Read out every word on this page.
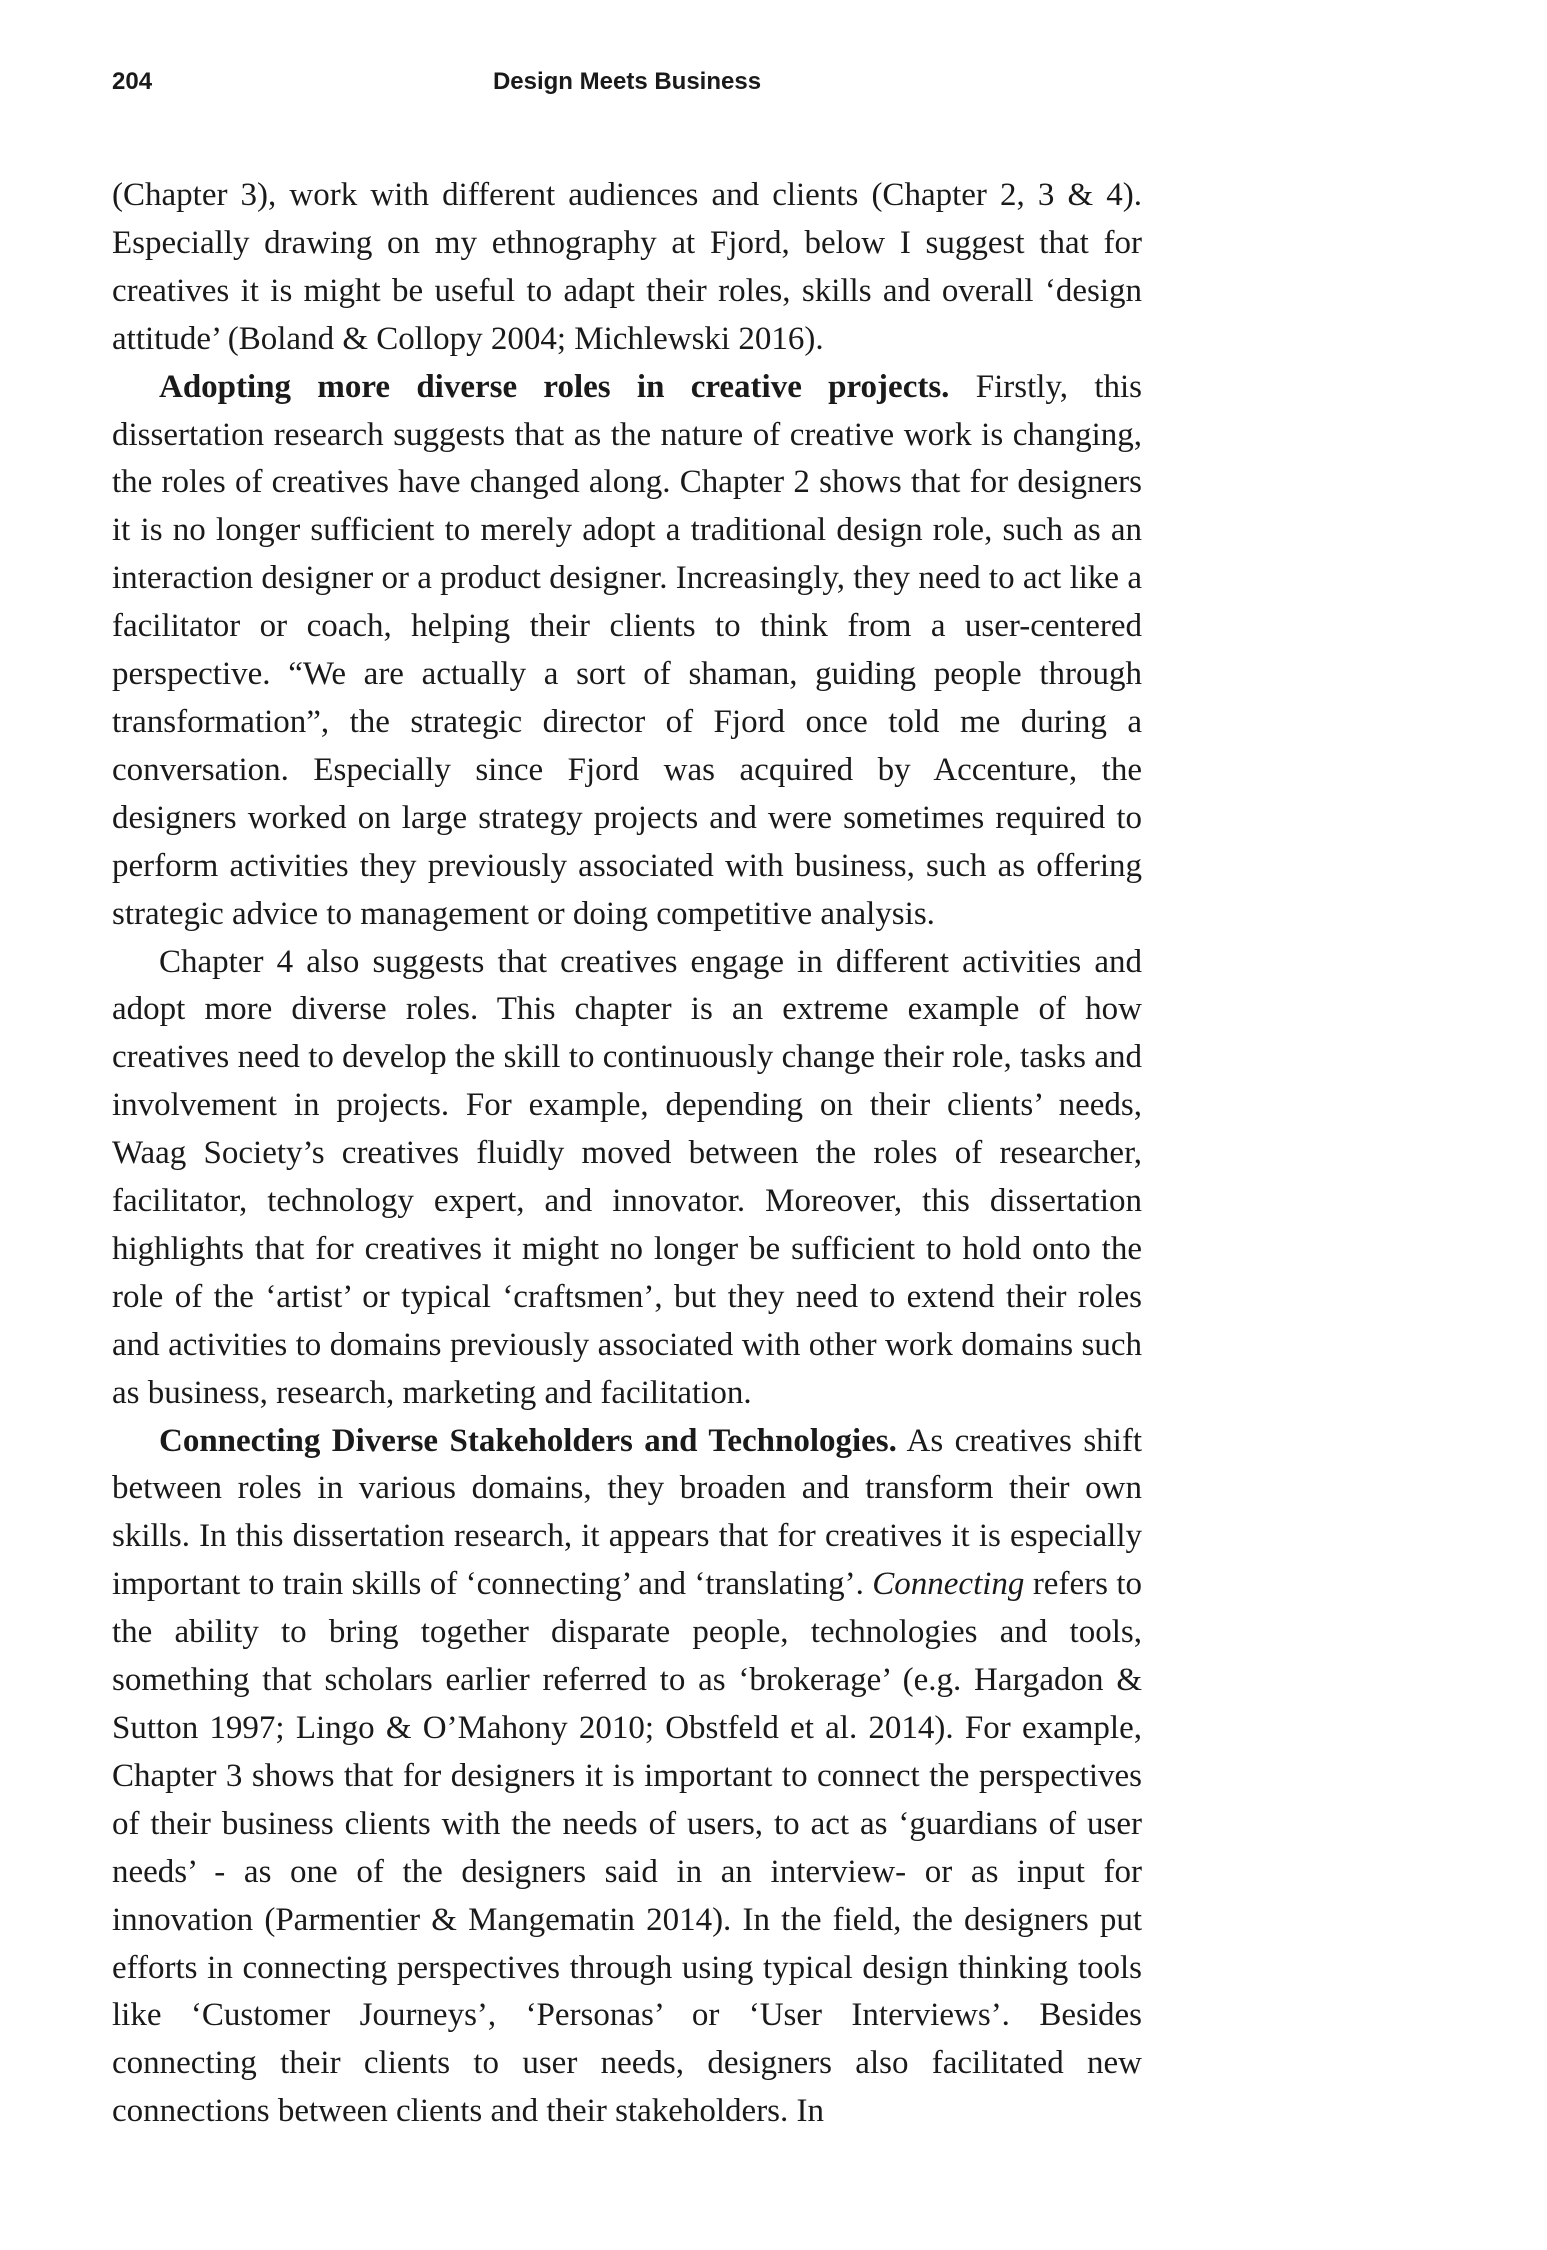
204	Design Meets Business

(Chapter 3), work with different audiences and clients (Chapter 2, 3 & 4). Especially drawing on my ethnography at Fjord, below I suggest that for creatives it is might be useful to adapt their roles, skills and overall ‘design attitude’ (Boland & Collopy 2004; Michlewski 2016).

Adopting more diverse roles in creative projects. Firstly, this dissertation research suggests that as the nature of creative work is changing, the roles of creatives have changed along. Chapter 2 shows that for designers it is no longer sufficient to merely adopt a traditional design role, such as an interaction designer or a product designer. Increasingly, they need to act like a facilitator or coach, helping their clients to think from a user-centered perspective. “We are actually a sort of shaman, guiding people through transformation”, the strategic director of Fjord once told me during a conversation. Especially since Fjord was acquired by Accenture, the designers worked on large strategy projects and were sometimes required to perform activities they previously associated with business, such as offering strategic advice to management or doing competitive analysis.

Chapter 4 also suggests that creatives engage in different activities and adopt more diverse roles. This chapter is an extreme example of how creatives need to develop the skill to continuously change their role, tasks and involvement in projects. For example, depending on their clients’ needs, Waag Society’s creatives fluidly moved between the roles of researcher, facilitator, technology expert, and innovator. Moreover, this dissertation highlights that for creatives it might no longer be sufficient to hold onto the role of the ‘artist’ or typical ‘craftsmen’, but they need to extend their roles and activities to domains previously associated with other work domains such as business, research, marketing and facilitation.

Connecting Diverse Stakeholders and Technologies. As creatives shift between roles in various domains, they broaden and transform their own skills. In this dissertation research, it appears that for creatives it is especially important to train skills of ‘connecting’ and ‘translating’. Connecting refers to the ability to bring together disparate people, technologies and tools, something that scholars earlier referred to as ‘brokerage’ (e.g. Hargadon & Sutton 1997; Lingo & O’Mahony 2010; Obstfeld et al. 2014). For example, Chapter 3 shows that for designers it is important to connect the perspectives of their business clients with the needs of users, to act as ‘guardians of user needs’ - as one of the designers said in an interview- or as input for innovation (Parmentier & Mangematin 2014). In the field, the designers put efforts in connecting perspectives through using typical design thinking tools like ‘Customer Journeys’, ‘Personas’ or ‘User Interviews’. Besides connecting their clients to user needs, designers also facilitated new connections between clients and their stakeholders. In
